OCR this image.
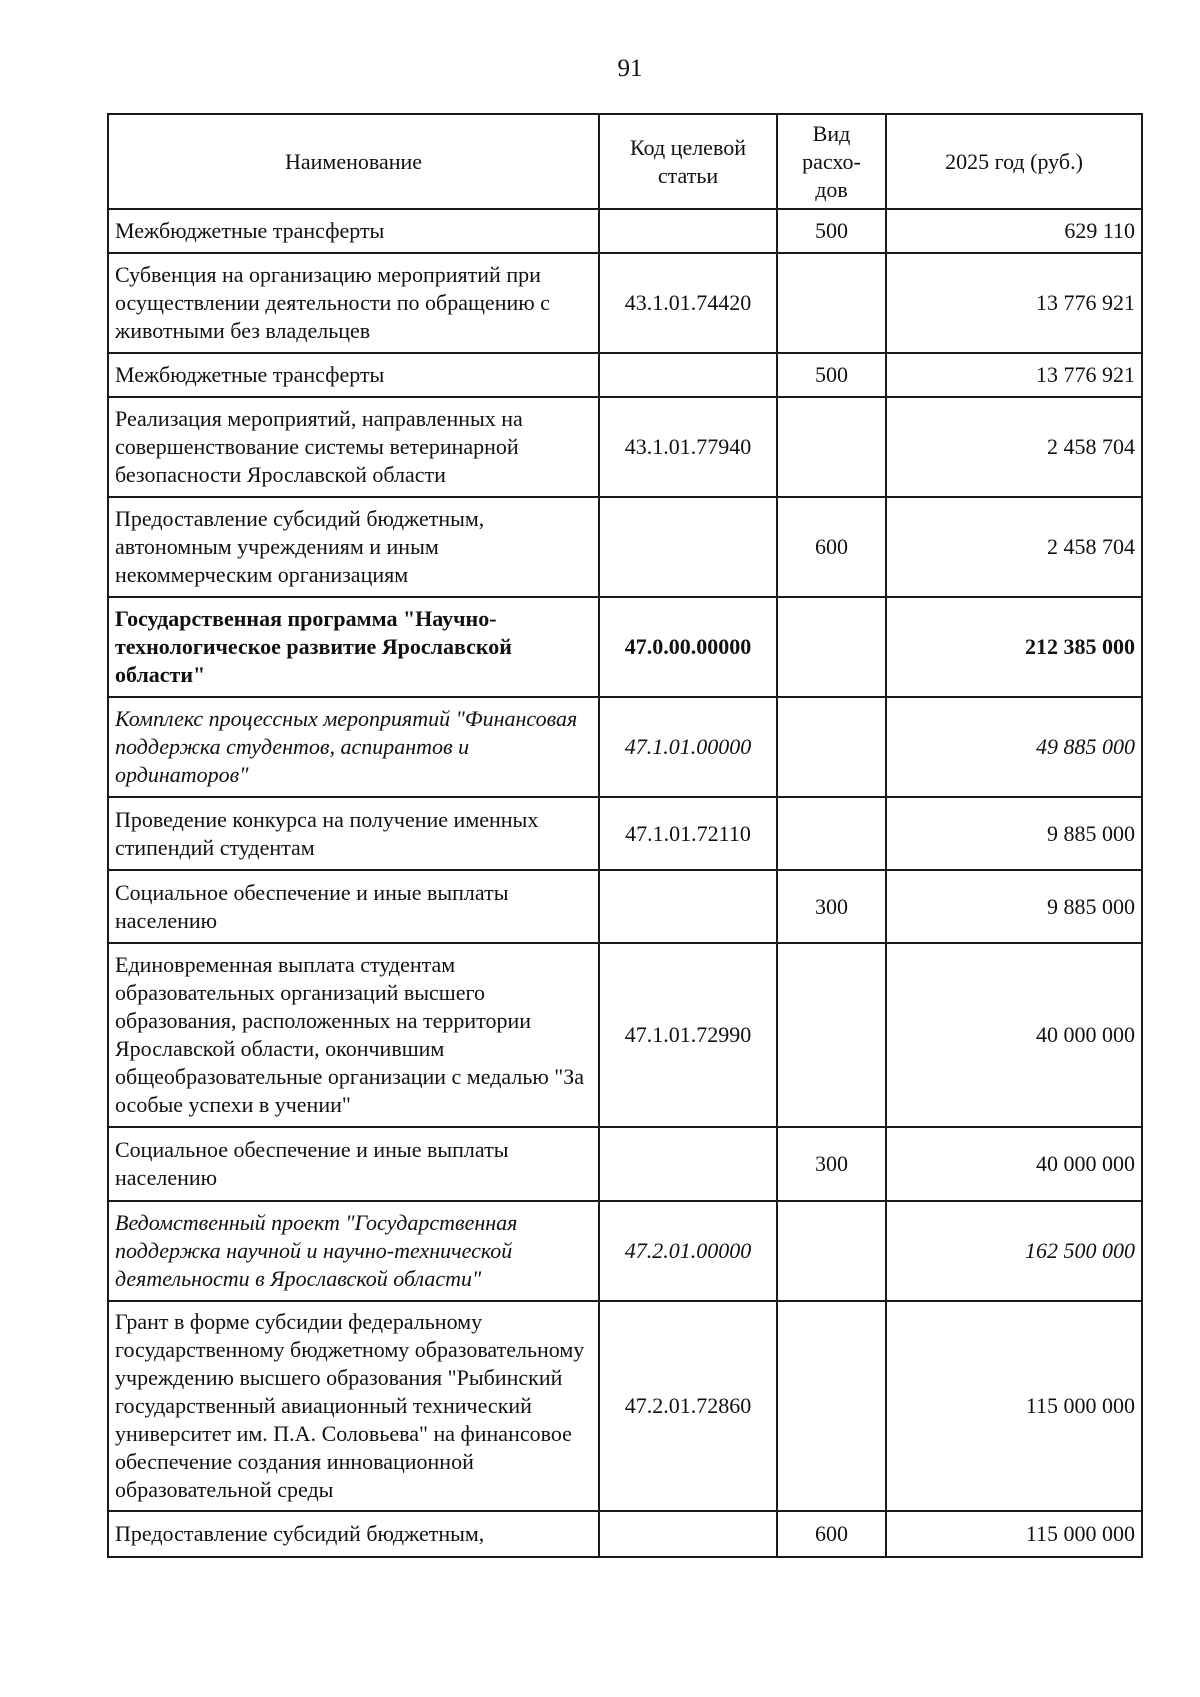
91
Наименование	Код целевой статьи	Вид расхо- дов	2025 год (руб.)
Межбюджетные трансферты		500	629 110
Субвенция на организацию мероприятий при осуществлении деятельности по обращению с животными без владельцев	43.1.01.74420		13 776 921
Межбюджетные трансферты		500	13 776 921
Реализация мероприятий, направленных на совершенствование системы ветеринарной безопасности Ярославской области	43.1.01.77940		2 458 704
Предоставление субсидий бюджетным, автономным учреждениям и иным некоммерческим организациям		600	2 458 704
Государственная программа "Научно-технологическое развитие Ярославской области"	47.0.00.00000		212 385 000
Комплекс процессных мероприятий "Финансовая поддержка студентов, аспирантов и ординаторов"	47.1.01.00000		49 885 000
Проведение конкурса на получение именных стипендий студентам	47.1.01.72110		9 885 000
Социальное обеспечение и иные выплаты населению		300	9 885 000
Единовременная выплата студентам образовательных организаций высшего образования, расположенных на территории Ярославской области, окончившим общеобразовательные организации с медалью "За особые успехи в учении"	47.1.01.72990		40 000 000
Социальное обеспечение и иные выплаты населению		300	40 000 000
Ведомственный проект "Государственная поддержка научной и научно-технической деятельности в Ярославской области"	47.2.01.00000		162 500 000
Грант в форме субсидии федеральному государственному бюджетному образовательному учреждению высшего образования "Рыбинский государственный авиационный технический университет им. П.А. Соловьева" на финансовое обеспечение создания инновационной образовательной среды	47.2.01.72860		115 000 000
Предоставление субсидий бюджетным,		600	115 000 000
